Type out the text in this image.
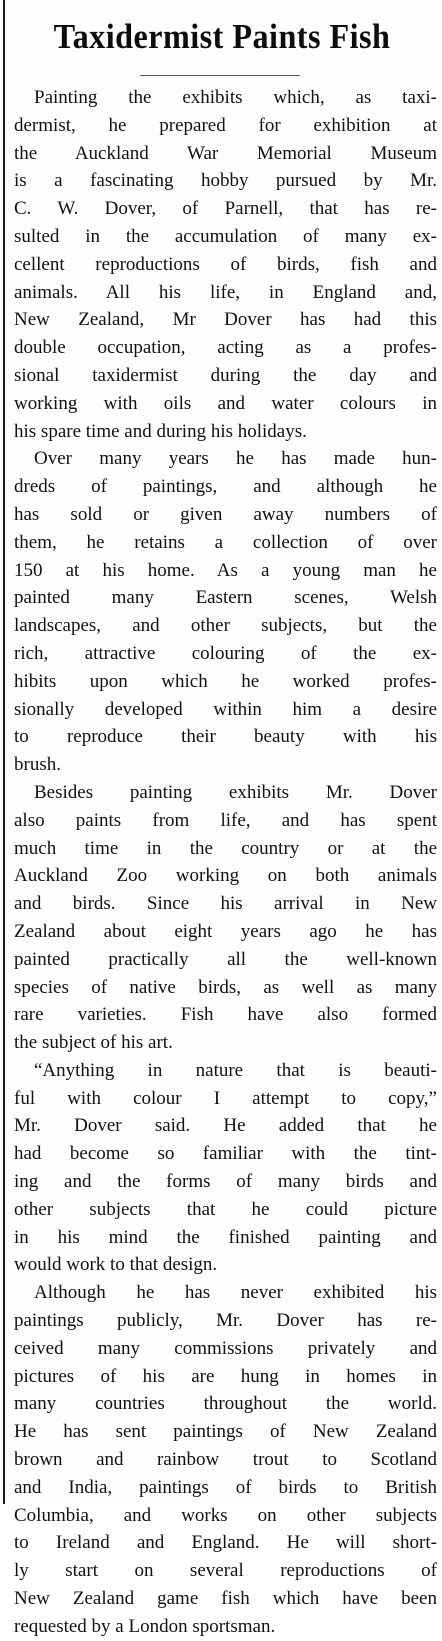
Taxidermist Paints Fish

Painting the exhibits which, as taxi-
dermist, he prepared for exhibition at
the Auckland War Memorial Museum
is a fascinating hobby pursued by Mr.
C. W. Dover, of Parnell, that has re-
sulted in the accumulation of many ex-
cellent reproductions of birds, fish and
animals. All his life, in England and,
New Zealand, Mr Dover has had this
double occupation, acting as a profes-
sional taxidermist during the day and
working with oils and water colours in
his spare time and during his holidays.

Over many years he has made hun-
dreds of paintings, and although he
has sold or given away numbers of
them, he retains a collection of over
150 at his home. As a young man he
painted many Eastern scenes, Welsh
landscapes, and other subjects, but the
rich, attractive colouring of the ex-
hibits upon which he worked profes-
sionally developed within him a desire
to reproduce their beauty with his
brush.

Besides painting exhibits Mr. Dover
also paints from life, and has spent
much time in the country or at the
Auckland Zoo working on both animals
and birds. Since his arrival in New
Zealand about eight years ago he has
painted practically all the well-known
species of native birds, as well as many
rare varieties. Fish have also formed
the subject of his art.

“Anything in nature that is beauti-
ful with colour I attempt to copy,”
Mr. Dover said. He added that he
had become so familiar with the tint-
ing and the forms of many birds and
other subjects that he could picture
in his mind the finished painting and
would work to that design.

Although he has never exhibited his
paintings publicly, Mr. Dover has re-
ceived many commissions privately and
pictures of his are hung in homes in
many countries throughout the world.
He has sent paintings of New Zealand
brown and rainbow trout to Scotland
and India, paintings of birds to British
Columbia, and works on other subjects
to Ireland and England. He will short-
ly start on several reproductions of
New Zealand game fish which have been
requested by a London sportsman.
